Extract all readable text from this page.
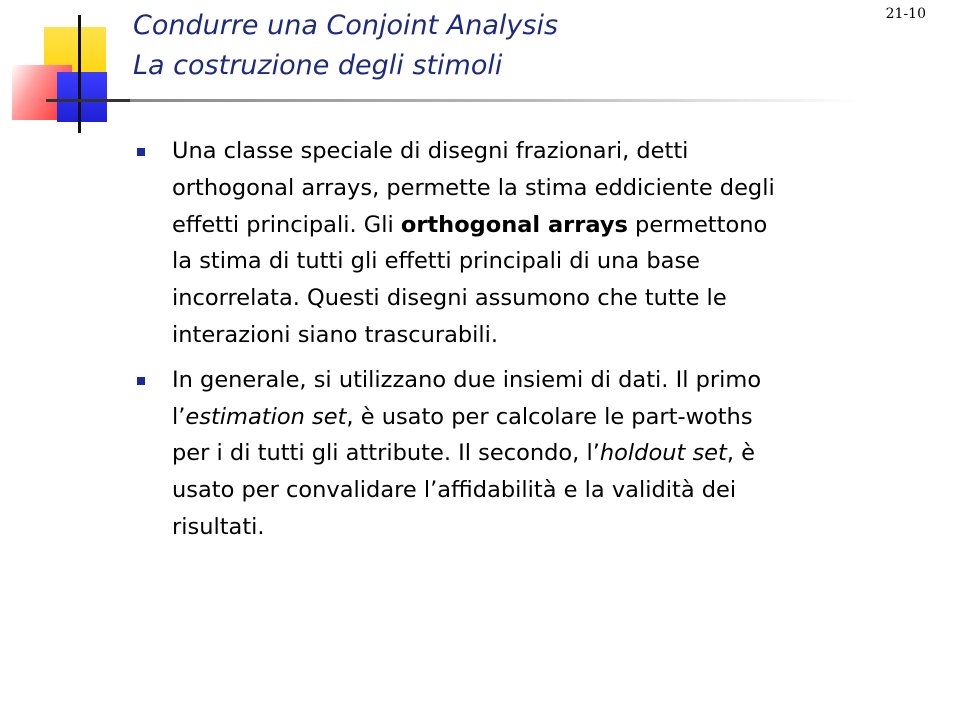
21-10
Condurre una Conjoint Analysis
La costruzione degli stimoli
Una classe speciale di disegni frazionari, detti
orthogonal arrays, permette la stima eddiciente degli
effetti principali. Gli orthogonal arrays permettono
la stima di tutti gli effetti principali di una base
incorrelata. Questi disegni assumono che tutte le
interazioni siano trascurabili.
In generale, si utilizzano due insiemi di dati. Il primo
l’estimation set, è usato per calcolare le part-woths
per i di tutti gli attribute. Il secondo, l’holdout set, è
usato per convalidare l’affidabilità e la validità dei
risultati.
